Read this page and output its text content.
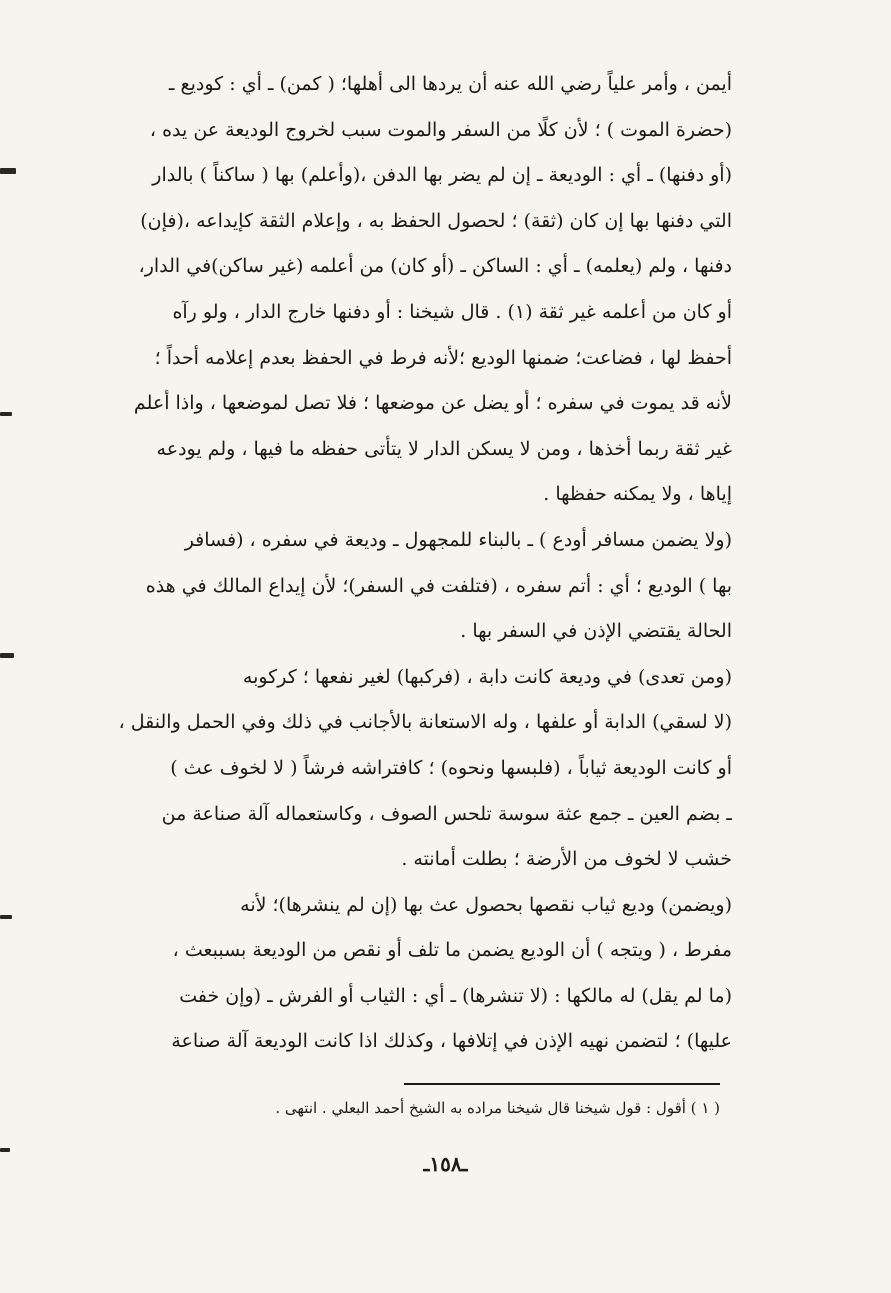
أيمن ، وأمر علياً رضي الله عنه أن يردها الى أهلها؛ ( كمن) ـ أي : كوديع ـ
(حضرة الموت ) ؛ لأن كلًا من السفر والموت سبب لخروج الوديعة عن يده ،
(أو دفنها) ـ أي : الوديعة ـ إن لم يضر بها الدفن ،(وأعلم) بها ( ساكناً ) بالدار
التي دفنها بها إن كان (ثقة) ؛ لحصول الحفظ به ، وإعلام الثقة كإيداعه ،(فإن)
دفنها ، ولم (يعلمه) ـ أي : الساكن ـ (أو كان) من أعلمه (غير ساكن)في الدار،
أو كان من أعلمه غير ثقة (١) . قال شيخنا : أو دفنها خارج الدار ، ولو رآه
أحفظ لها ، فضاعت؛ ضمنها الوديع ؛لأنه فرط في الحفظ بعدم إعلامه أحداً ؛
لأنه قد يموت في سفره ؛ أو يضل عن موضعها ؛ فلا تصل لموضعها ، واذا أعلم
غير ثقة ربما أخذها ، ومن لا يسكن الدار لا يتأتى حفظه ما فيها ، ولم يودعه
إياها ، ولا يمكنه حفظها .
(ولا يضمن مسافر أودع ) ـ بالبناء للمجهول ـ وديعة في سفره ، (فسافر
بها ) الوديع ؛ أي : أتم سفره ، (فتلفت في السفر)؛ لأن إيداع المالك في هذه
الحالة يقتضي الإذن في السفر بها .
(ومن تعدى) في وديعة كانت دابة ، (فركبها) لغير نفعها ؛ كركوبه
(لا لسقي) الدابة أو علفها ، وله الاستعانة بالأجانب في ذلك وفي الحمل والنقل ،
أو كانت الوديعة ثياباً ، (فلبسها ونحوه) ؛ كافتراشه فرشاً ( لا لخوف عث )
ـ بضم العين ـ جمع عثة سوسة تلحس الصوف ، وكاستعماله آلة صناعة من
خشب لا لخوف من الأرضة ؛ بطلت أمانته .
(ويضمن) وديع ثياب نقصها بحصول عث بها (إن لم ينشرها)؛ لأنه
مفرط ، ( ويتجه ) أن الوديع يضمن ما تلف أو نقص من الوديعة بسببعث ،
(ما لم يقل) له مالكها : (لا تنشرها) ـ أي : الثياب أو الفرش ـ (وإن خفت
عليها) ؛ لتضمن نهيه الإذن في إتلافها ، وكذلك اذا كانت الوديعة آلة صناعة
( ١ ) أقول : قول شيخنا قال شيخنا مراده به الشيخ أحمد البعلي . انتهى .
ـ١٥٨ـ
